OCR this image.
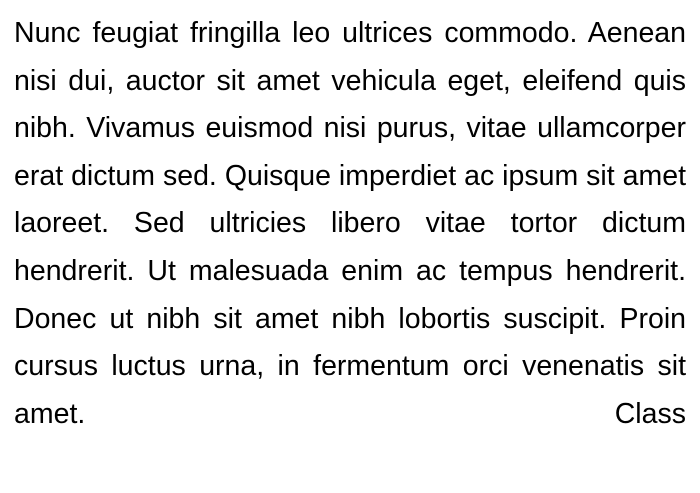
Nunc feugiat fringilla leo ultrices commodo. Aenean nisi dui, auctor sit amet vehicula eget, eleifend quis nibh. Vivamus euismod nisi purus, vitae ullamcorper erat dictum sed. Quisque imperdiet ac ipsum sit amet laoreet. Sed ultricies libero vitae tortor dictum hendrerit. Ut malesuada enim ac tempus hendrerit. Donec ut nibh sit amet nibh lobortis suscipit. Proin cursus luctus urna, in fermentum orci venenatis sit amet. Class
